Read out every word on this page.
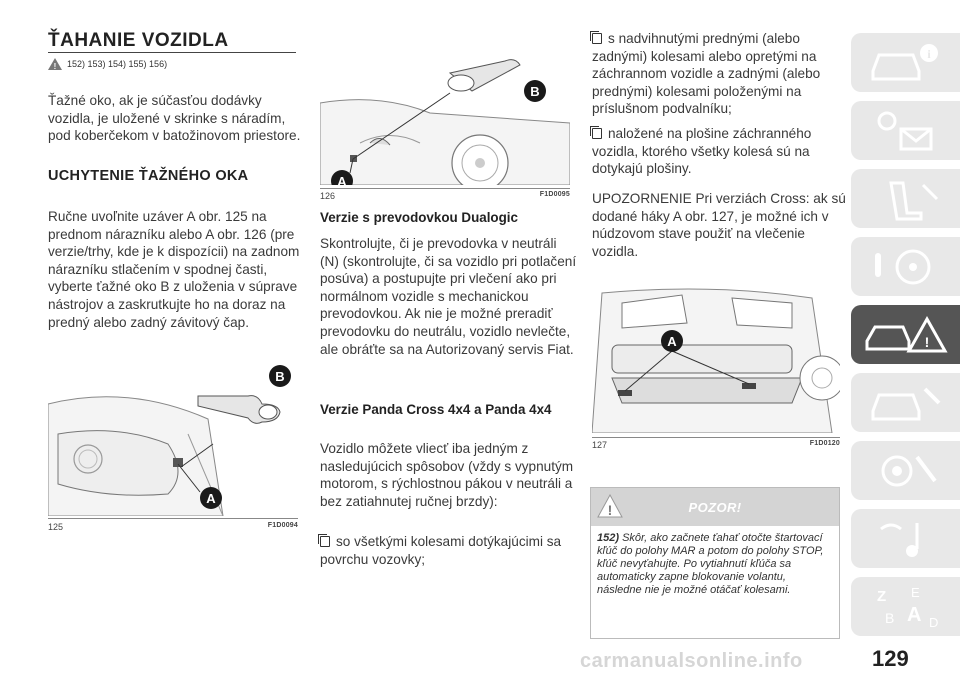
ŤAHANIE VOZIDLA
! 152) 153) 154) 155) 156)

Ťažné oko, ak je súčasťou dodávky vozidla, je uložené v skrinke s náradím, pod koberčekom v batožinovom priestore.

UCHYTENIE ŤAŽNÉHO OKA

Ručne uvoľnite uzáver A obr. 125 na prednom nárazníku alebo A obr. 126 (pre verzie/trhy, kde je k dispozícii) na zadnom nárazníku stlačením v spodnej časti, vyberte ťažné oko B z uloženia v súprave nástrojov a zaskrutkujte ho na doraz na predný alebo zadný závitový čap.

B
A
125	F1D0094
B
A
126	F1D0095
Verzie s prevodovkou Dualogic

Skontrolujte, či je prevodovka v neutráli (N) (skontrolujte, či sa vozidlo pri potlačení posúva) a postupujte pri vlečení ako pri normálnom vozidle s mechanickou prevodovkou. Ak nie je možné preradiť prevodovku do neutrálu, vozidlo nevlečte, ale obráťte sa na Autorizovaný servis Fiat.

Verzie Panda Cross 4x4 a Panda 4x4

Vozidlo môžete vliecť iba jedným z nasledujúcich spôsobov (vždy s vypnutým motorom, s rýchlostnou pákou v neutráli a bez zatiahnutej ručnej brzdy):

so všetkými kolesami dotýkajúcimi sa povrchu vozovky;

s nadvihnutými prednými (alebo zadnými) kolesami alebo opretými na záchrannom vozidle a zadnými (alebo prednými) kolesami položenými na príslušnom podvalníku;

naložené na plošine záchranného vozidla, ktorého všetky kolesá sú na dotykajú plošiny.

UPOZORNENIE Pri verziách Cross: ak sú dodané háky A obr. 127, je možné ich v núdzovom stave použiť na vlečenie vozidla.

A
127	F1D0120
!	POZOR!
152) Skôr, ako začnete ťahať otočte štartovací kľúč do polohy MAR a potom do polohy STOP, kľúč nevyťahujte. Po vytiahnutí kľúča sa automaticky zapne blokovanie volantu, následne nie je možné otáčať kolesami.
i
!
Z E
B A D
carmanualsonline.info	129
